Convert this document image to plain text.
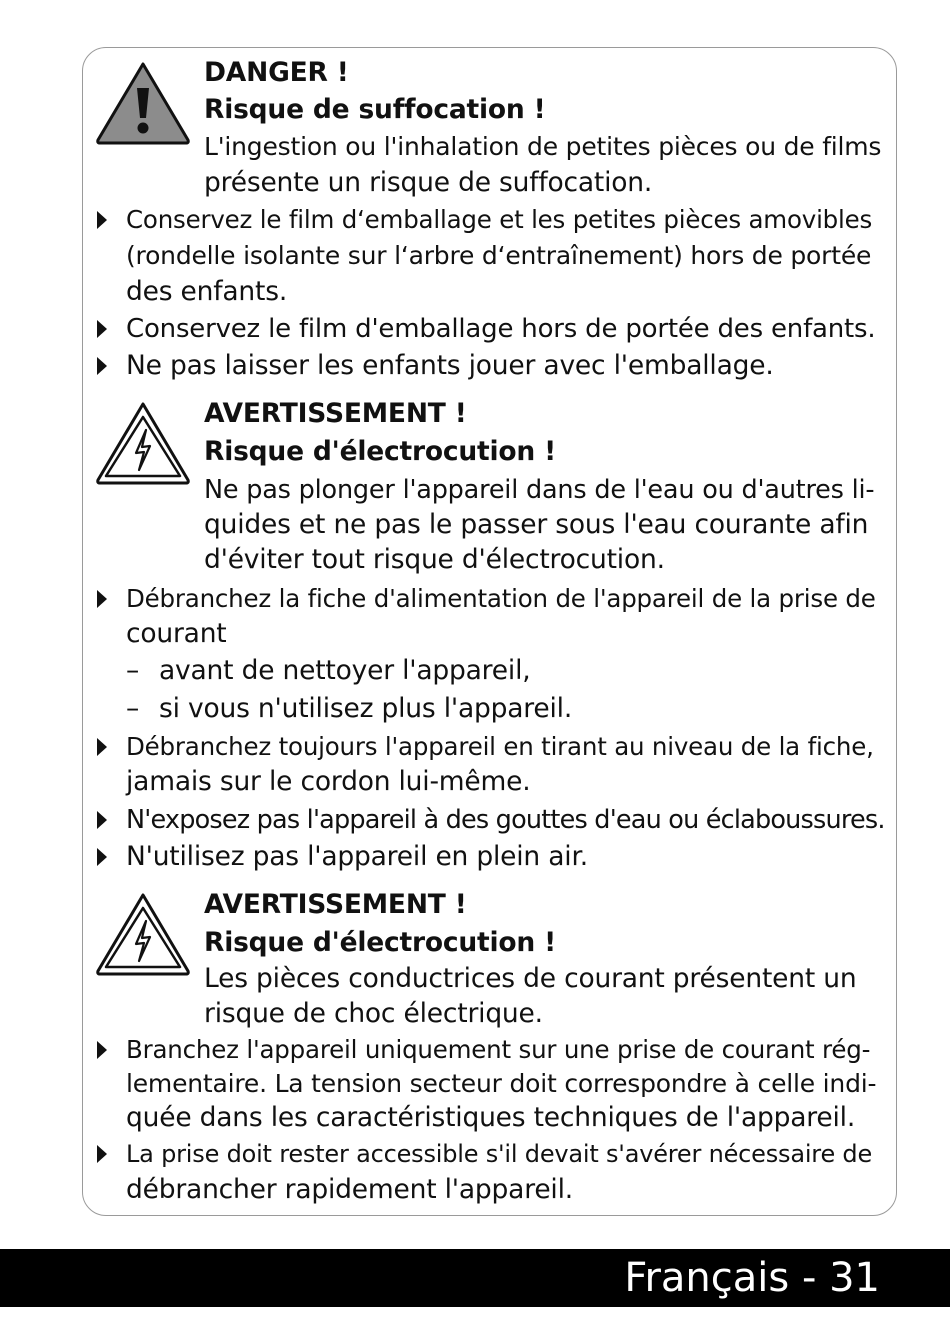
DANGER !
Risque de suffocation !
L'ingestion ou l'inhalation de petites pièces ou de films
présente un risque de suffocation.
Conservez le film d‘emballage et les petites pièces amovibles
(rondelle isolante sur l‘arbre d‘entraînement) hors de portée
des enfants.
Conservez le film d'emballage hors de portée des enfants.
Ne pas laisser les enfants jouer avec l'emballage.
AVERTISSEMENT !
Risque d'électrocution !
Ne pas plonger l'appareil dans de l'eau ou d'autres li-
quides et ne pas le passer sous l'eau courante afin
d'éviter tout risque d'électrocution.
Débranchez la fiche d'alimentation de l'appareil de la prise de
courant
– avant de nettoyer l'appareil,
– si vous n'utilisez plus l'appareil.
Débranchez toujours l'appareil en tirant au niveau de la fiche,
jamais sur le cordon lui-même.
N'exposez pas l'appareil à des gouttes d'eau ou éclaboussures.
N'utilisez pas l'appareil en plein air.
AVERTISSEMENT !
Risque d'électrocution !
Les pièces conductrices de courant présentent un
risque de choc électrique.
Branchez l'appareil uniquement sur une prise de courant rég-
lementaire. La tension secteur doit correspondre à celle indi-
quée dans les caractéristiques techniques de l'appareil.
La prise doit rester accessible s'il devait s'avérer nécessaire de
débrancher rapidement l'appareil.
Français - 31
